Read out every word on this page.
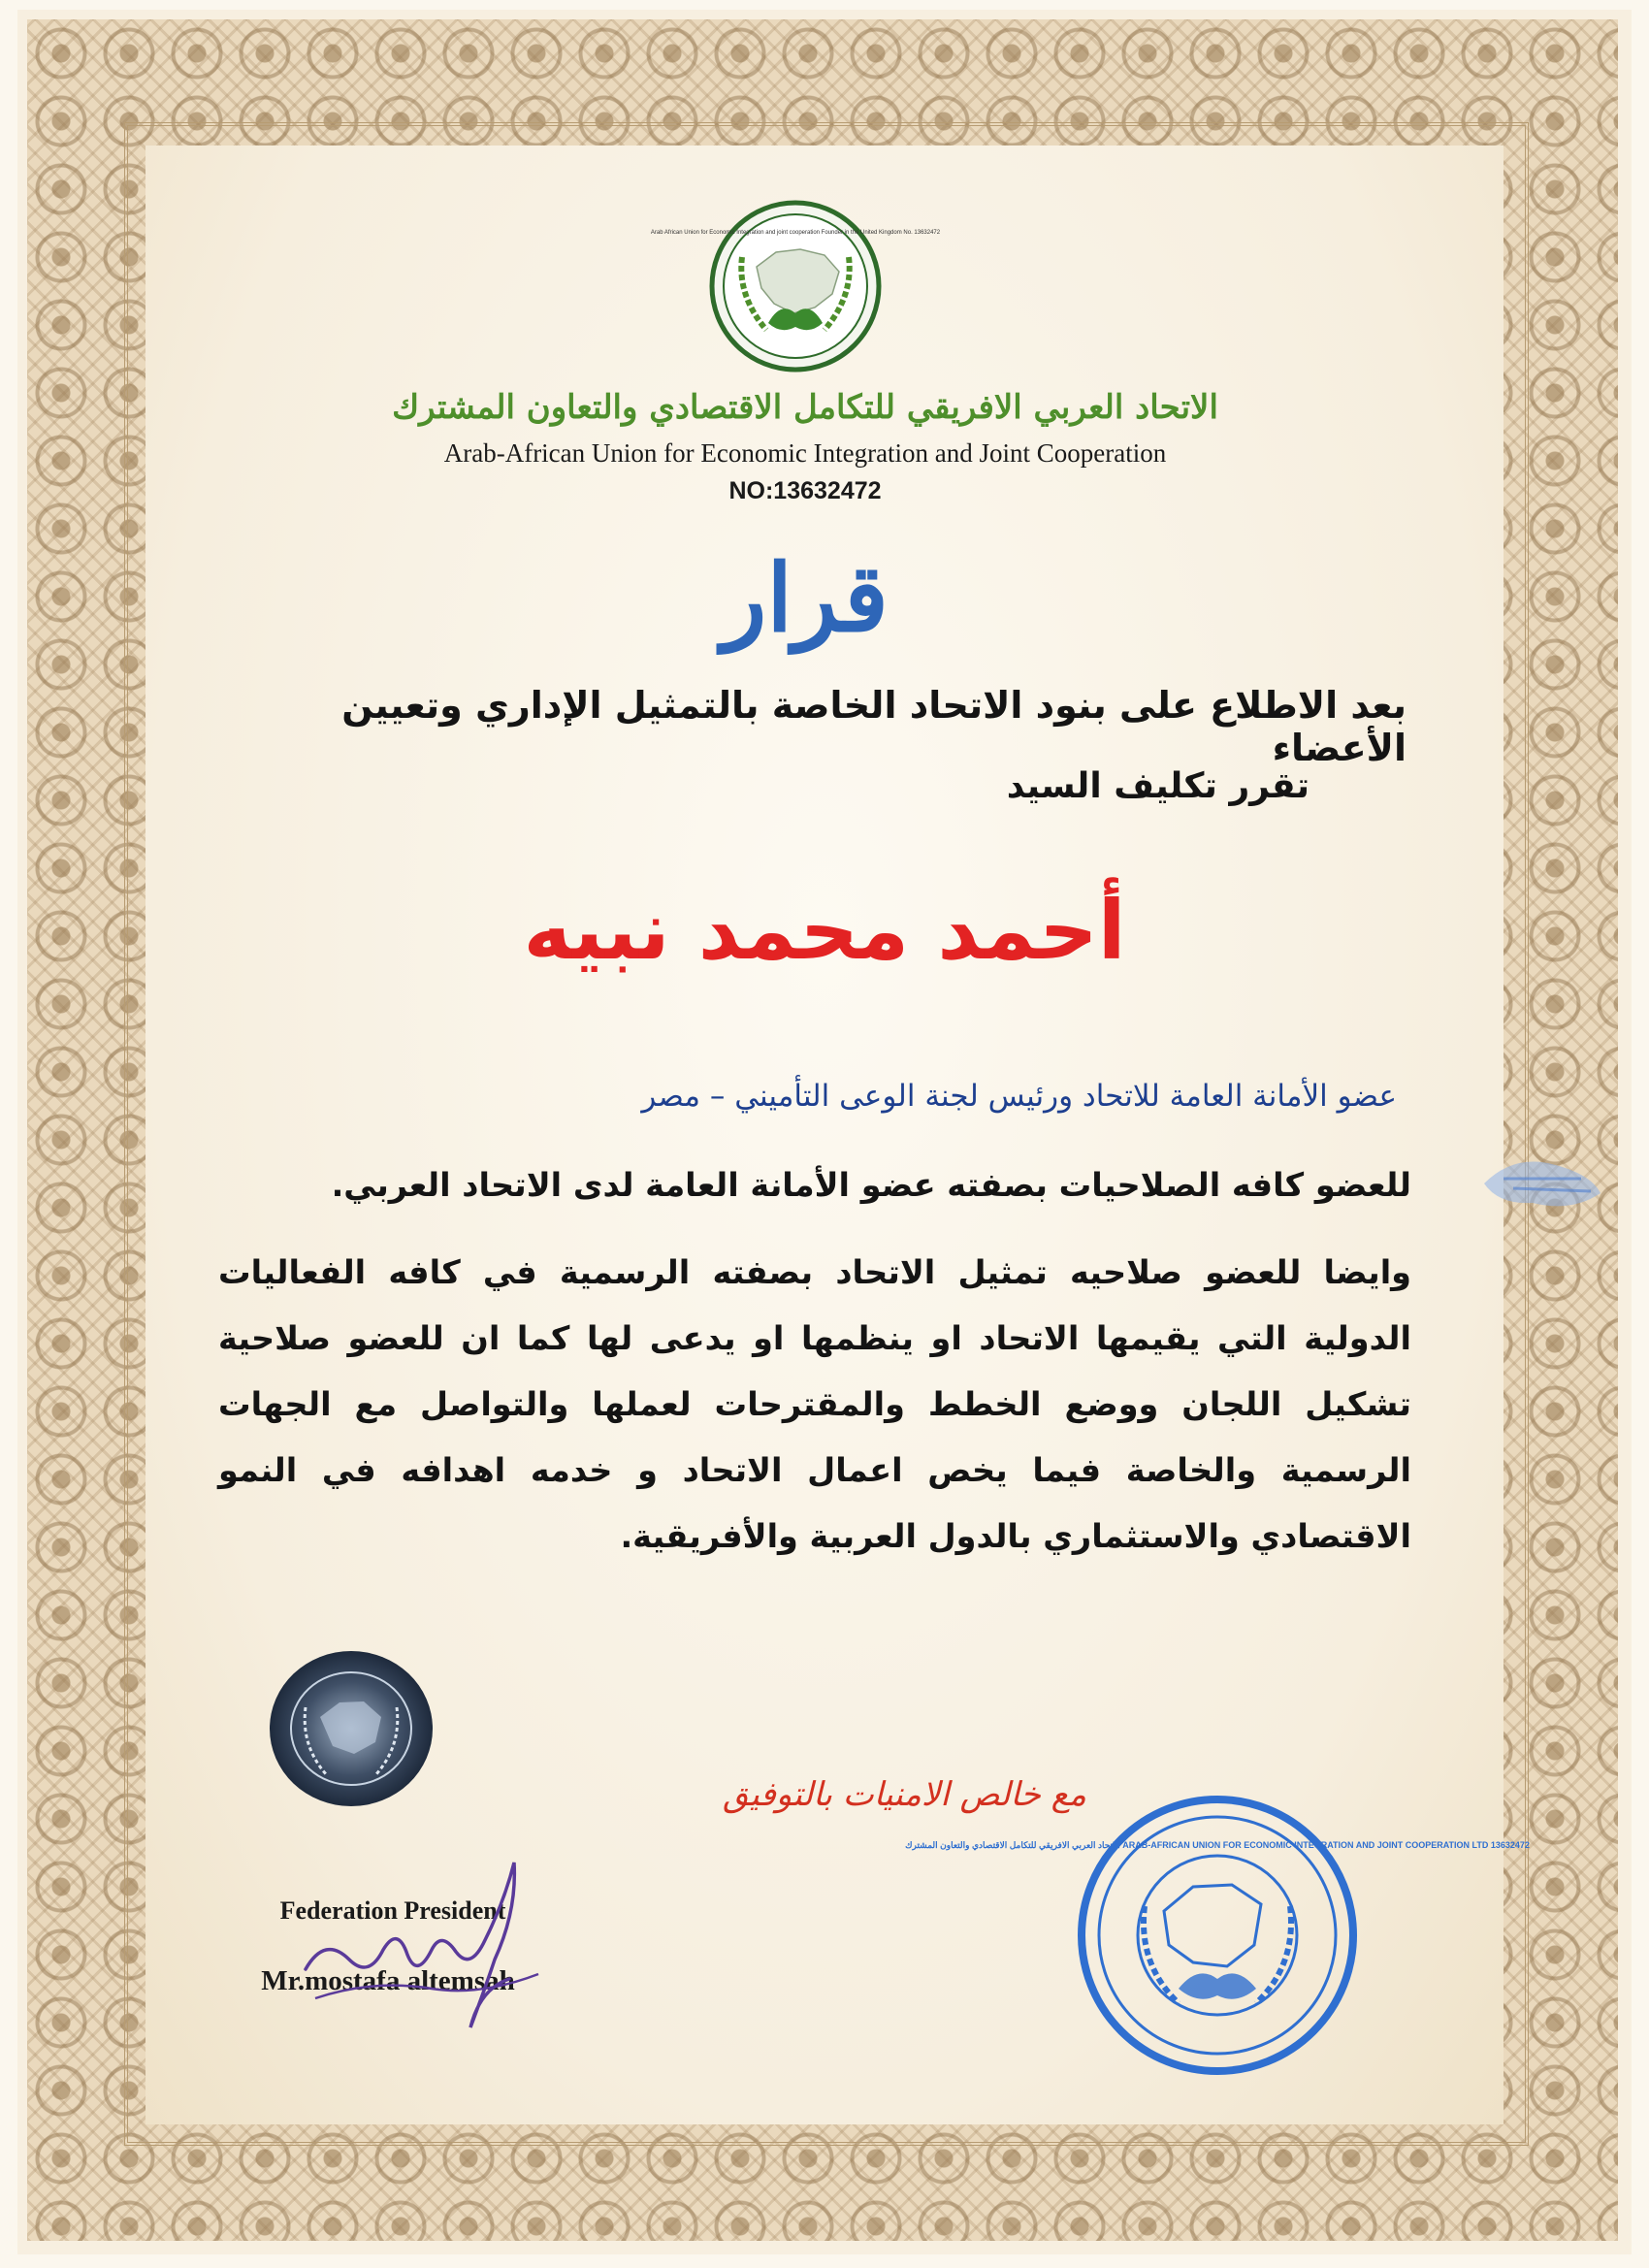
Arab African Union for Economic Integration and joint cooperation Founder in the United Kingdom No. 13632472
الاتحاد العربي الافريقي للتكامل الاقتصادي والتعاون المشترك
Arab-African Union for Economic Integration and Joint Cooperation
NO:13632472
قرار
بعد الاطلاع على بنود الاتحاد الخاصة بالتمثيل الإداري وتعيين الأعضاء
تقرر تكليف السيد
أحمد محمد نبيه
عضو الأمانة العامة للاتحاد ورئيس لجنة الوعى التأميني – مصر

للعضو كافه الصلاحيات بصفته عضو الأمانة العامة لدى الاتحاد العربي.

وايضا للعضو صلاحيه تمثيل الاتحاد بصفته الرسمية في كافه الفعاليات الدولية التي يقيمها الاتحاد او ينظمها او يدعى لها كما ان للعضو صلاحية تشكيل اللجان ووضع الخطط والمقترحات لعملها والتواصل مع الجهات الرسمية والخاصة فيما يخص اعمال الاتحاد و خدمه اهدافه في النمو الاقتصادي والاستثماري بالدول العربية والأفريقية.

مع خالص الامنيات بالتوفيق
Federation President
Mr.mostafa altemsah
الاتحاد العربي الافريقي للتكامل الاقتصادي والتعاون المشترك ARAB-AFRICAN UNION FOR ECONOMIC INTEGRATION AND JOINT COOPERATION LTD 13632472
